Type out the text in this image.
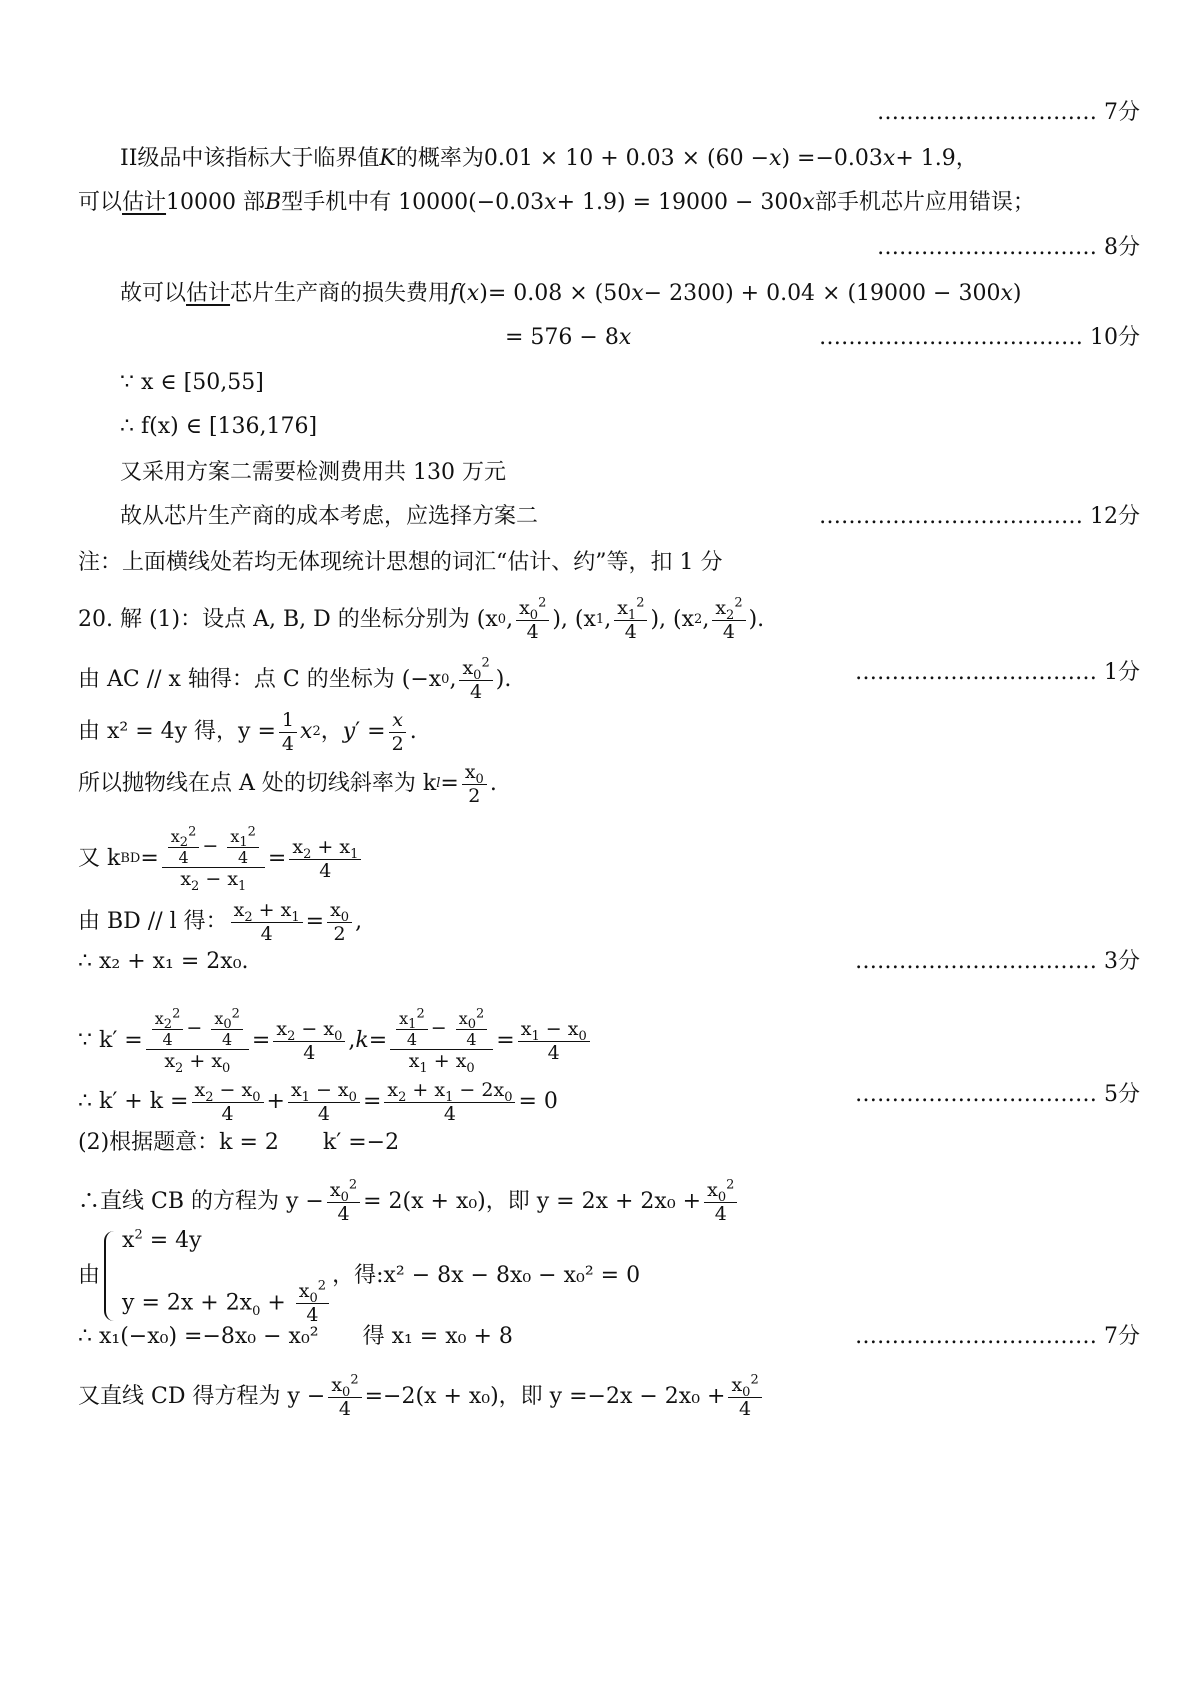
………………………… 7分
II级品中该指标大于临界值 K 的概率为0.01 × 10 + 0.03 × (60 − x ) =−0.03 x + 1.9，
可以 估计 10000 部 B 型手机中有 10000(−0.03 x + 1.9) = 19000 − 300 x 部手机芯片应用错误；
………………………… 8分
故可以 估计 芯片生产商的损失费用 f ( x ) = 0.08 × (50 x − 2300) + 0.04 × (19000 − 300 x )
= 576 − 8 x	……………………………… 10分
∵ x ∈ [50,55]
∴ f(x) ∈ [136,176]
又采用方案二需要检测费用共 130 万元
故从芯片生产商的成本考虑，应选择方案二	……………………………… 12分
注：上面横线处若均无体现统计思想的词汇“估计、约”等，扣 1 分
20. 解 (1)：设点 A, B, D 的坐标分别为 (x 0 , $\frac{x_0^2}{4}$ ), (x 1 , $\frac{x_1^2}{4}$ ), (x 2 , $\frac{x_2^2}{4}$ ).
由 AC // x 轴得：点 C 的坐标为 (−x 0 , $\frac{x_0^2}{4}$ ).	…………………………… 1分
由 x² = 4y 得，$y = \frac{1}{4}$ x 2 ， y ′ = $\frac{x}{2}$ .
所以抛物线在点 A 处的切线斜率为 k $l = \frac{x_0}{2}$ .
又 k BD = $\frac{\frac{x_2^2}{4} - \frac{x_1^2}{4}}{x_2 - x_1} = \frac{x_2 + x_1}{4}$
由 BD // l 得： $\frac{x_2 + x_1}{4} = \frac{x_0}{2}$ ,
∴ x₂ + x₁ = 2x₀.	…………………………… 3分
∵ $k' = \frac{\frac{x_2^2}{4} - \frac{x_0^2}{4}}{x_2 + x_0} = \frac{x_2 - x_0}{4}$ , $k = \frac{\frac{x_1^2}{4} - \frac{x_0^2}{4}}{x_1 + x_0} = \frac{x_1 - x_0}{4}$
∴ $k' + k = \frac{x_2 - x_0}{4} + \frac{x_1 - x_0}{4} = \frac{x_2 + x_1 - 2x_0}{4} = 0$	…………………………… 5分
(2)根据题意：k = 2　　k′ =−2
∴直线 CB 的方程为 $y - \frac{x_0^2}{4} = 2(x + x_0)$，即 $y = 2x + 2x_0 + \frac{x_0^2}{4}$
由
$x^2 = 4y$
$y = 2x + 2x_0 + \frac{x_0^2}{4}$
，得:x² − 8x − 8x₀ − x₀² = 0
∴ x₁(−x₀) =−8x₀ − x₀²　　得 x₁ = x₀ + 8	…………………………… 7分
又直线 CD 得方程为 $y - \frac{x_0^2}{4} =-2(x + x_0)$，即 $y =-2x - 2x_0 + \frac{x_0^2}{4}$
